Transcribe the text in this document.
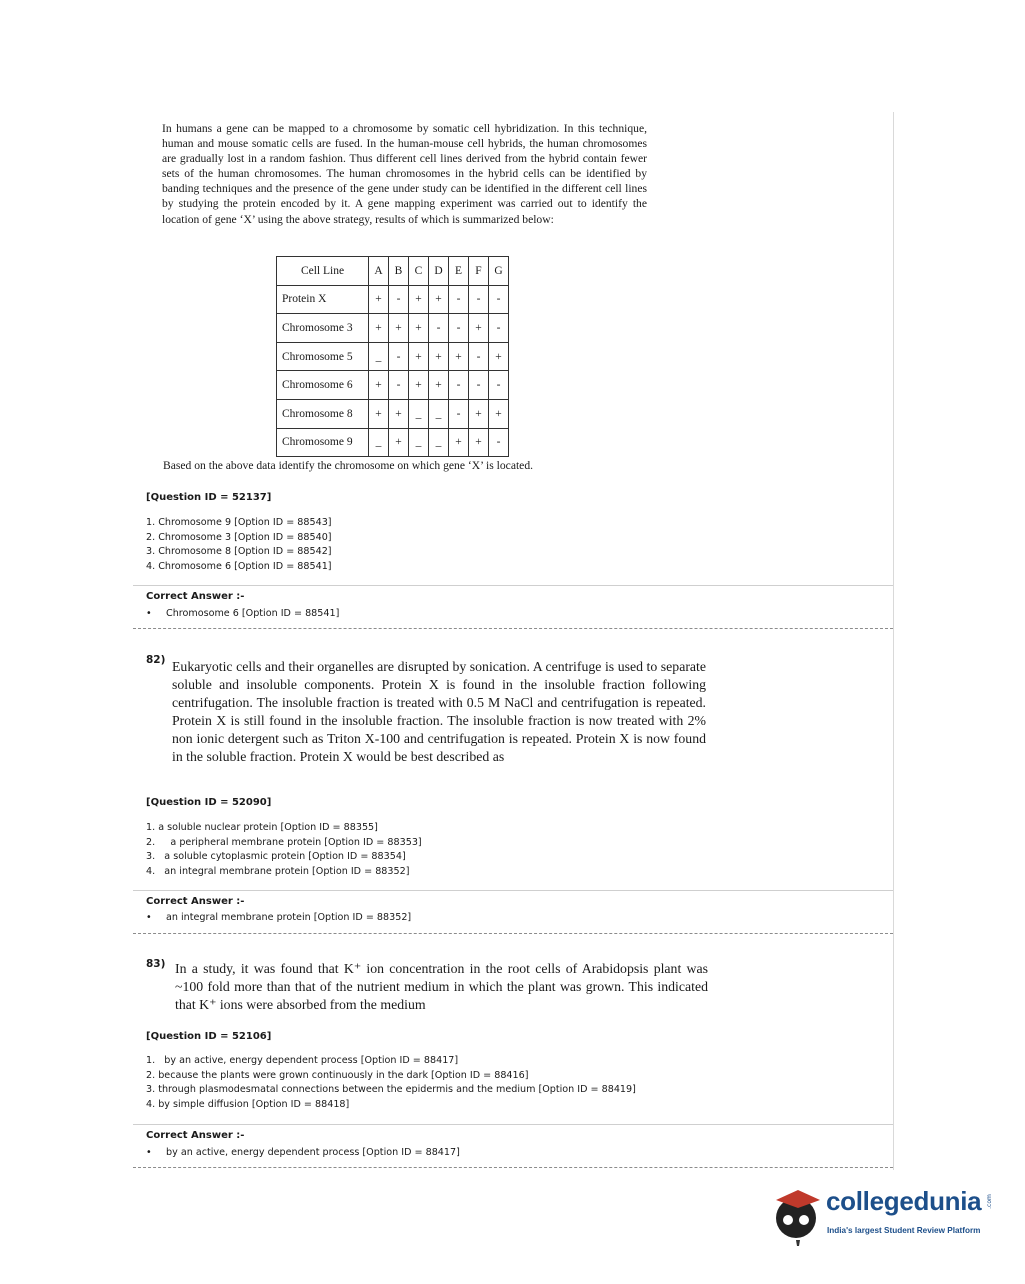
In humans a gene can be mapped to a chromosome by somatic cell hybridization. In this technique, human and mouse somatic cells are fused. In the human-mouse cell hybrids, the human chromosomes are gradually lost in a random fashion. Thus different cell lines derived from the hybrid contain fewer sets of the human chromosomes. The human chromosomes in the hybrid cells can be identified by banding techniques and the presence of the gene under study can be identified in the different cell lines by studying the protein encoded by it. A gene mapping experiment was carried out to identify the location of gene ‘X’ using the above strategy, results of which is summarized below:
Cell Line	A	B	C	D	E	F	G
Protein X	+	-	+	+	-	-	-
Chromosome 3	+	+	+	-	-	+	-
Chromosome 5	_	-	+	+	+	-	+
Chromosome 6	+	-	+	+	-	-	-
Chromosome 8	+	+	_	_	-	+	+
Chromosome 9	_	+	_	_	+	+	-
Based on the above data identify the chromosome on which gene ‘X’ is located.
[Question ID = 52137]
1. Chromosome 9 [Option ID = 88543]
2. Chromosome 3 [Option ID = 88540]
3. Chromosome 8 [Option ID = 88542]
4. Chromosome 6 [Option ID = 88541]
Correct Answer :-
• Chromosome 6 [Option ID = 88541]
82) Eukaryotic cells and their organelles are disrupted by sonication. A centrifuge is used to separate soluble and insoluble components. Protein X is found in the insoluble fraction following centrifugation. The insoluble fraction is treated with 0.5 M NaCl and centrifugation is repeated. Protein X is still found in the insoluble fraction. The insoluble fraction is now treated with 2% non ionic detergent such as Triton X-100 and centrifugation is repeated. Protein X is now found in the soluble fraction. Protein X would be best described as
[Question ID = 52090]
1. a soluble nuclear protein [Option ID = 88355]
2.     a peripheral membrane protein [Option ID = 88353]
3.   a soluble cytoplasmic protein [Option ID = 88354]
4.   an integral membrane protein [Option ID = 88352]
Correct Answer :-
• an integral membrane protein [Option ID = 88352]
83) In a study, it was found that K⁺ ion concentration in the root cells of Arabidopsis plant was ~100 fold more than that of the nutrient medium in which the plant was grown. This indicated that K⁺ ions were absorbed from the medium
[Question ID = 52106]
1.   by an active, energy dependent process [Option ID = 88417]
2. because the plants were grown continuously in the dark [Option ID = 88416]
3. through plasmodesmatal connections between the epidermis and the medium [Option ID = 88419]
4. by simple diffusion [Option ID = 88418]
Correct Answer :-
• by an active, energy dependent process [Option ID = 88417]
collegedunia .com
India's largest Student Review Platform
